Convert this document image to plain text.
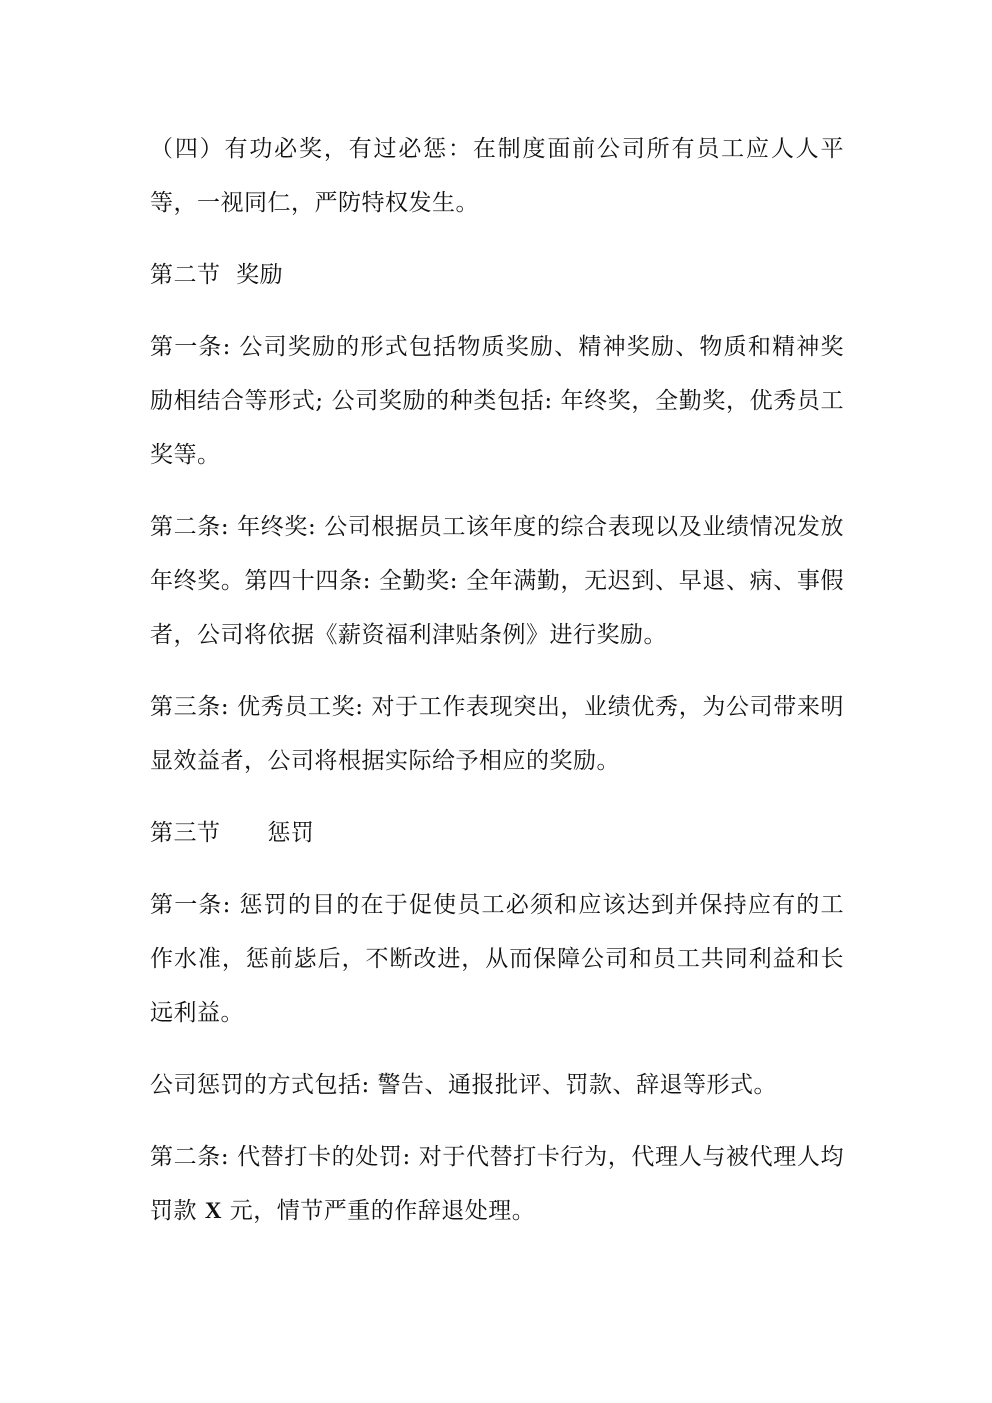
（四）有功必奖，有过必惩：在制度面前公司所有员工应人人平等，一视同仁，严防特权发生。

第二节  奖励

第一条: 公司奖励的形式包括物质奖励、精神奖励、物质和精神奖励相结合等形式; 公司奖励的种类包括: 年终奖，全勤奖，优秀员工奖等。

第二条: 年终奖: 公司根据员工该年度的综合表现以及业绩情况发放年终奖。第四十四条: 全勤奖: 全年满勤，无迟到、早退、病、事假者，公司将依据《薪资福利津贴条例》进行奖励。

第三条: 优秀员工奖: 对于工作表现突出，业绩优秀，为公司带来明显效益者，公司将根据实际给予相应的奖励。

第三节      惩罚

第一条: 惩罚的目的在于促使员工必须和应该达到并保持应有的工作水准，惩前毖后，不断改进，从而保障公司和员工共同利益和长远利益。

公司惩罚的方式包括: 警告、通报批评、罚款、辞退等形式。

第二条: 代替打卡的处罚: 对于代替打卡行为，代理人与被代理人均罚款 X 元，情节严重的作辞退处理。
